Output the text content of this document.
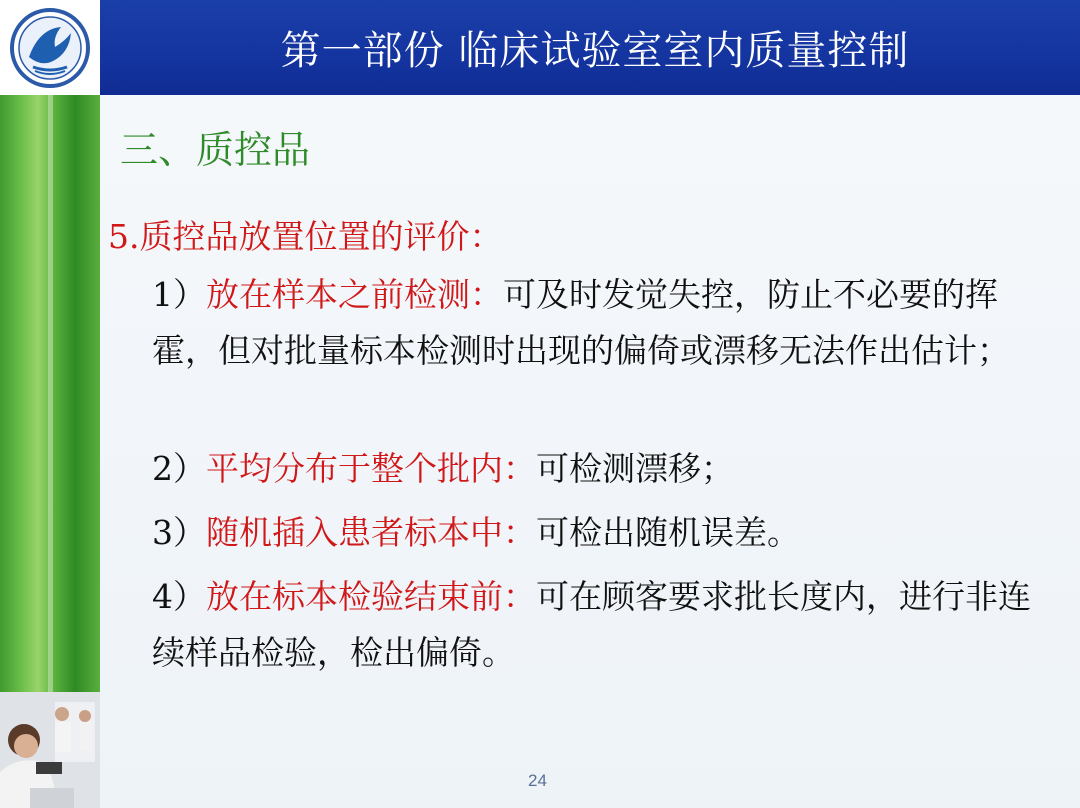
第一部份 临床试验室室内质量控制
三、质控品
5.质控品放置位置的评价：
1）放在样本之前检测：可及时发觉失控，防止不必要的挥霍，但对批量标本检测时出现的偏倚或漂移无法作出估计；
2）平均分布于整个批内：可检测漂移；
3）随机插入患者标本中：可检出随机误差。
4）放在标本检验结束前：可在顾客要求批长度内，进行非连续样品检验，检出偏倚。
24
